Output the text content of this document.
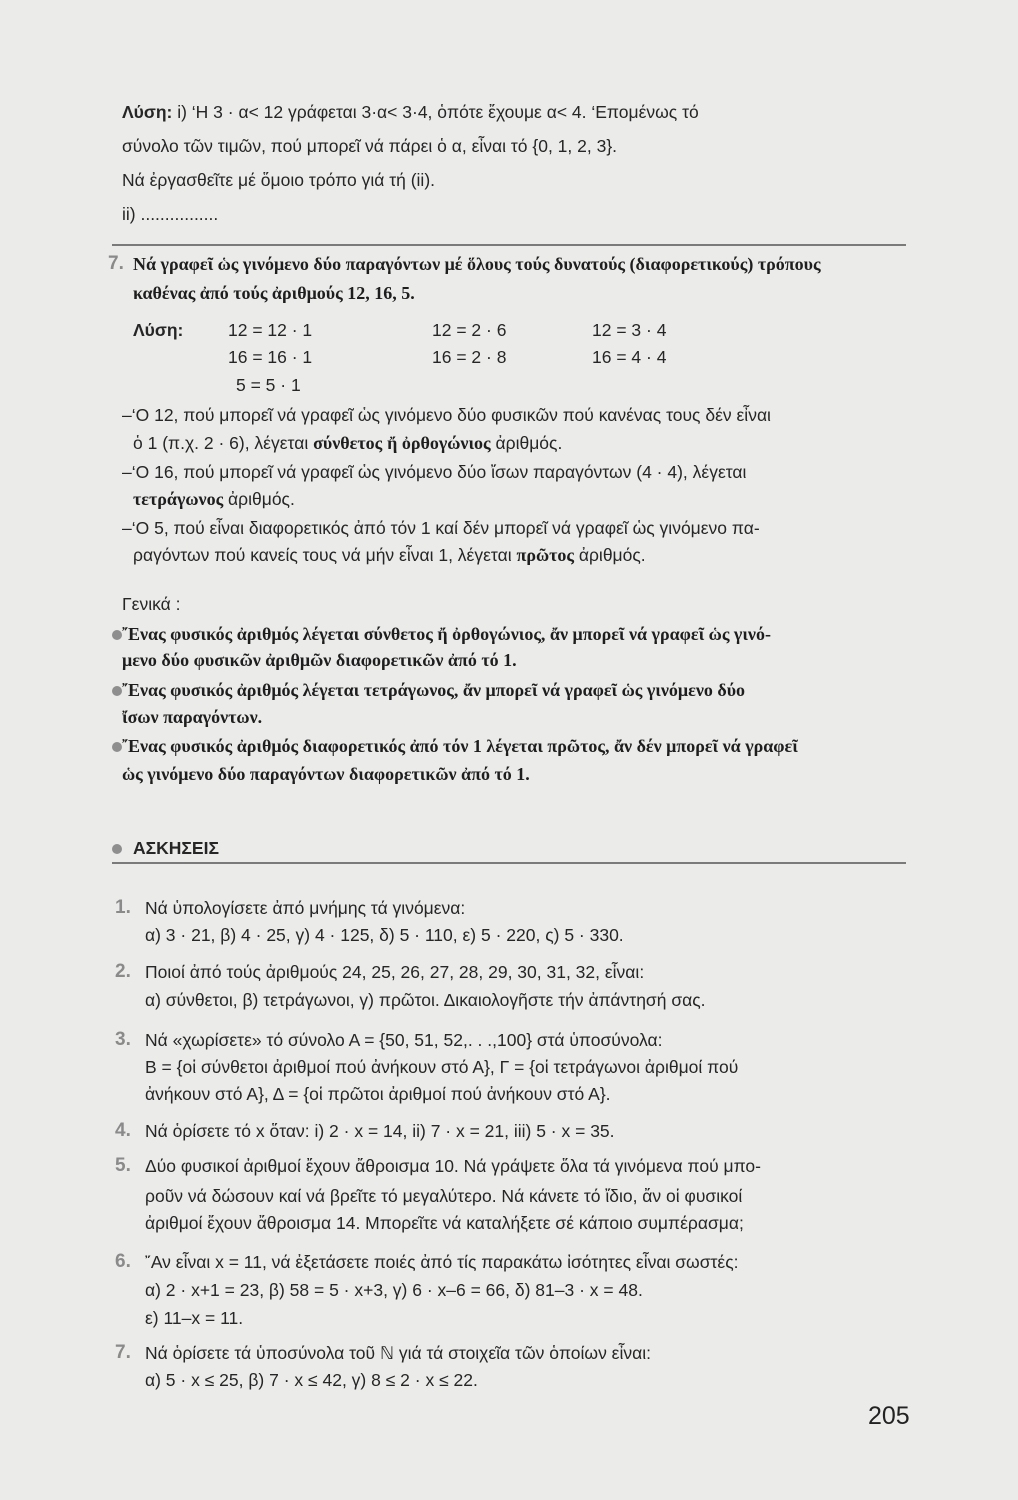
Λύση: i) ‘Η 3 · α< 12 γράφεται 3·α< 3·4, ὁπότε ἔχουμε α< 4. ‘Επομένως τό
σύνολο τῶν τιμῶν, πού μπορεῖ νά πάρει ὁ α, εἶναι τό {0, 1, 2, 3}.
Νά ἐργασθεῖτε μέ ὅμοιο τρόπο γιά τή (ii).
ii) ................
7. Νά γραφεῖ ὡς γινόμενο δύο παραγόντων μέ ὅλους τούς δυνατούς (διαφορετικούς) τρόπους
καθένας ἀπό τούς ἀριθμούς 12, 16, 5.
Λύση:	12 = 12 · 1
16 = 16 · 1
5 = 5 · 1
12 = 2 · 6
16 = 2 · 8
12 = 3 · 4
16 = 4 · 4
–‘Ο 12, πού μπορεῖ νά γραφεῖ ὡς γινόμενο δύο φυσικῶν πού κανένας τους δέν εἶναι
ὁ 1 (π.χ. 2 · 6), λέγεται σύνθετος ἤ ὀρθογώνιος ἀριθμός.
–‘Ο 16, πού μπορεῖ νά γραφεῖ ὡς γινόμενο δύο ἴσων παραγόντων (4 · 4), λέγεται
τετράγωνος ἀριθμός.
–‘Ο 5, πού εἶναι διαφορετικός ἀπό τόν 1 καί δέν μπορεῖ νά γραφεῖ ὡς γινόμενο πα-
ραγόντων πού κανείς τους νά μήν εἶναι 1, λέγεται πρῶτος ἀριθμός.
Γενικά :
῎Ενας φυσικός ἀριθμός λέγεται σύνθετος ἤ ὀρθογώνιος, ἄν μπορεῖ νά γραφεῖ ὡς γινό-
μενο δύο φυσικῶν ἀριθμῶν διαφορετικῶν ἀπό τό 1.
῎Ενας φυσικός ἀριθμός λέγεται τετράγωνος, ἄν μπορεῖ νά γραφεῖ ὡς γινόμενο δύο
ἴσων παραγόντων.
῎Ενας φυσικός ἀριθμός διαφορετικός ἀπό τόν 1 λέγεται πρῶτος, ἄν δέν μπορεῖ νά γραφεῖ
ὡς γινόμενο δύο παραγόντων διαφορετικῶν ἀπό τό 1.
ΑΣΚΗΣΕΙΣ
1. Νά ὑπολογίσετε ἀπό μνήμης τά γινόμενα:
α) 3 · 21, β) 4 · 25, γ) 4 · 125, δ) 5 · 110, ε) 5 · 220, ς) 5 · 330.
2. Ποιοί ἀπό τούς ἀριθμούς 24, 25, 26, 27, 28, 29, 30, 31, 32, εἶναι:
α) σύνθετοι, β) τετράγωνοι, γ) πρῶτοι. Δικαιολογῆστε τήν ἀπάντησή σας.
3. Νά «χωρίσετε» τό σύνολο Α = {50, 51, 52,. . .,100} στά ὑποσύνολα:
Β = {οἱ σύνθετοι ἀριθμοί πού ἀνήκουν στό Α}, Γ = {οἱ τετράγωνοι ἀριθμοί πού
ἀνήκουν στό Α}, Δ = {οἱ πρῶτοι ἀριθμοί πού ἀνήκουν στό Α}.
4. Νά ὁρίσετε τό x ὅταν: i) 2 · x = 14, ii) 7 · x = 21, iii) 5 · x = 35.
5. Δύο φυσικοί ἀριθμοί ἔχουν ἄθροισμα 10. Νά γράψετε ὅλα τά γινόμενα πού μπο-
ροῦν νά δώσουν καί νά βρεῖτε τό μεγαλύτερο. Νά κάνετε τό ἴδιο, ἄν οἱ φυσικοί
ἀριθμοί ἔχουν ἄθροισμα 14. Μπορεῖτε νά καταλήξετε σέ κάποιο συμπέρασμα;
6. ῎Αν εἶναι x = 11, νά ἐξετάσετε ποιές ἀπό τίς παρακάτω ἰσότητες εἶναι σωστές:
α) 2 · x+1 = 23, β) 58 = 5 · x+3, γ) 6 · x–6 = 66, δ) 81–3 · x = 48.
ε) 11–x = 11.
7. Νά ὁρίσετε τά ὑποσύνολα τοῦ ℕ γιά τά στοιχεῖα τῶν ὁποίων εἶναι:
α) 5 · x ≤ 25, β) 7 · x ≤ 42, γ) 8 ≤ 2 · x ≤ 22.
205
